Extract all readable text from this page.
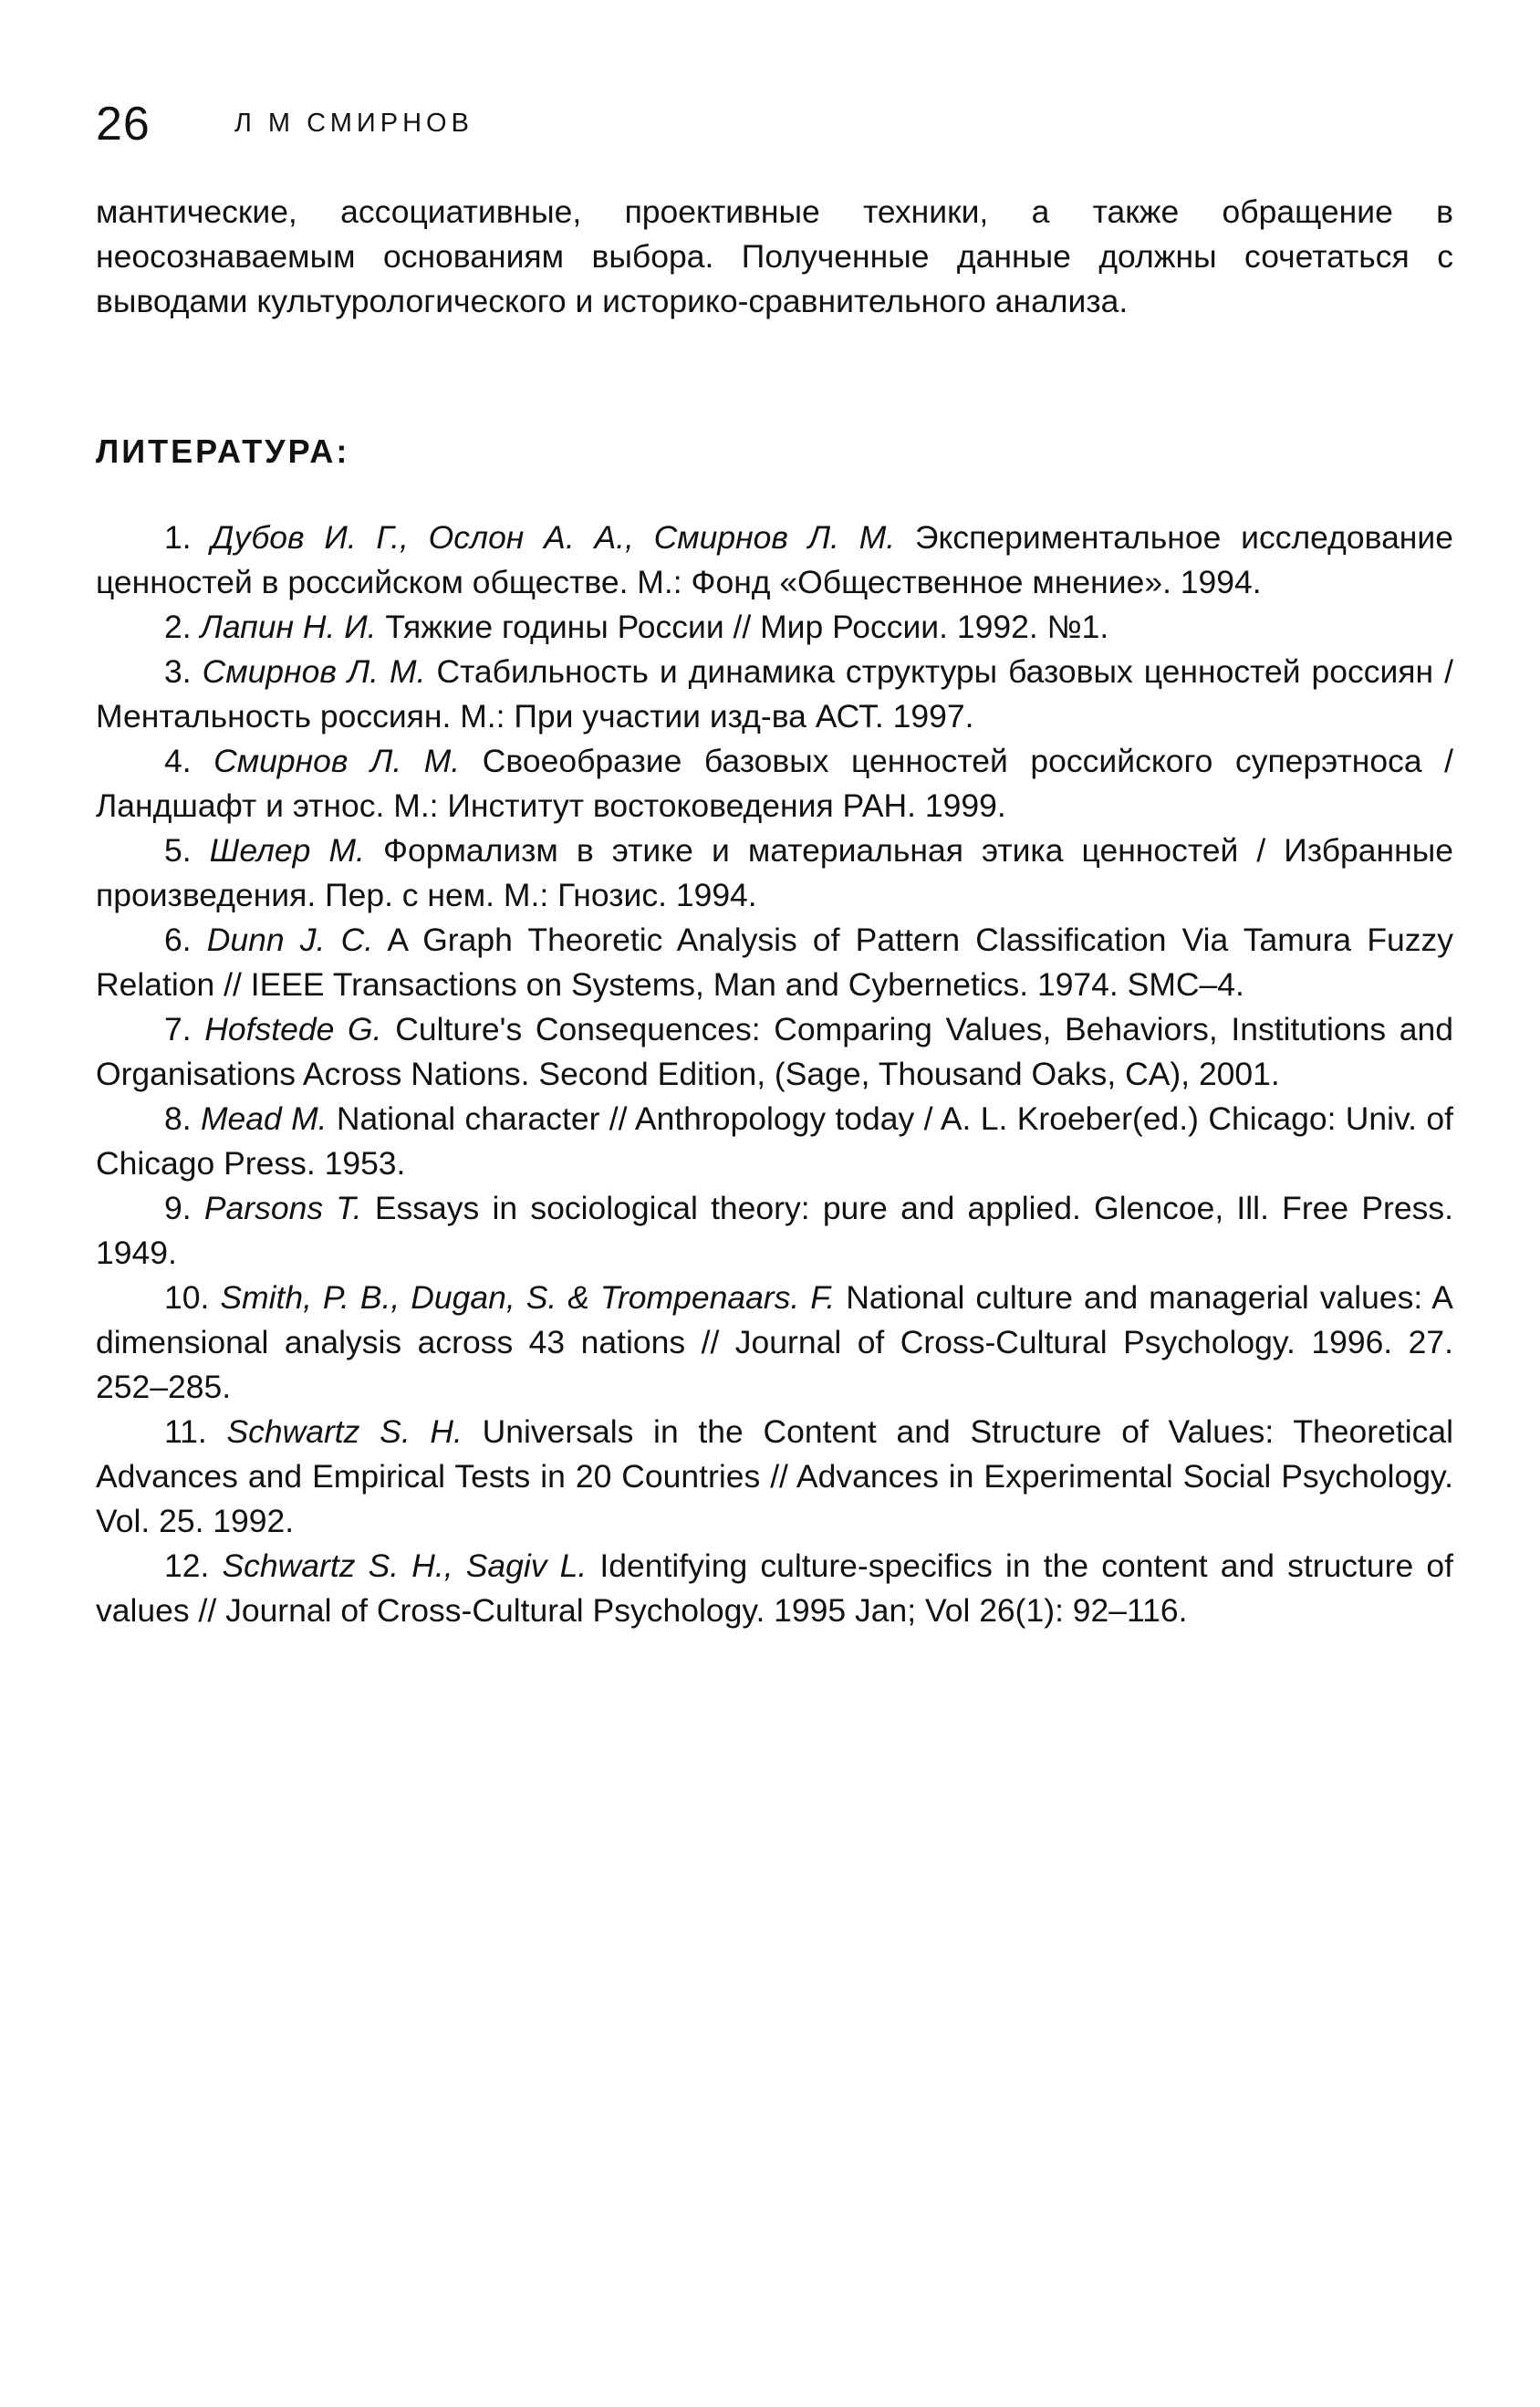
26	Л М СМИРНОВ

мантические, ассоциативные, проективные техники, а также обращение в неосознаваемым основаниям выбора. Полученные данные должны сочетаться с выводами культурологического и историко-сравнительного анализа.

ЛИТЕРАТУРА:
1. Дубов И. Г., Ослон А. А., Смирнов Л. М. Экспериментальное исследование ценностей в российском обществе. М.: Фонд «Общественное мнение». 1994.
2. Лапин Н. И. Тяжкие годины России // Мир России. 1992. №1.
3. Смирнов Л. М. Стабильность и динамика структуры базовых ценностей россиян / Ментальность россиян. М.: При участии изд-ва АСТ. 1997.
4. Смирнов Л. М. Своеобразие базовых ценностей российского суперэтноса / Ландшафт и этнос. М.: Институт востоковедения РАН. 1999.
5. Шелер М. Формализм в этике и материальная этика ценностей / Избранные произведения. Пер. с нем. М.: Гнозис. 1994.
6. Dunn J. C. A Graph Theoretic Analysis of Pattern Classification Via Tamura Fuzzy Relation // IEEE Transactions on Systems, Man and Cybernetics. 1974. SMC–4.
7. Hofstede G. Culture's Consequences: Comparing Values, Behaviors, Institutions and Organisations Across Nations. Second Edition, (Sage, Thousand Oaks, CA), 2001.
8. Mead M. National character // Anthropology today / A. L. Kroeber(ed.) Chicago: Univ. of Chicago Press. 1953.
9. Parsons T. Essays in sociological theory: pure and applied. Glencoe, Ill. Free Press. 1949.
10. Smith, P. B., Dugan, S. & Trompenaars. F. National culture and managerial values: A dimensional analysis across 43 nations // Journal of Cross-Cultural Psychology. 1996. 27. 252–285.
11. Schwartz S. H. Universals in the Content and Structure of Values: Theoretical Advances and Empirical Tests in 20 Countries // Advances in Experimental Social Psychology. Vol. 25. 1992.
12. Schwartz S. H., Sagiv L. Identifying culture-specifics in the content and structure of values // Journal of Cross-Cultural Psychology. 1995 Jan; Vol 26(1): 92–116.
